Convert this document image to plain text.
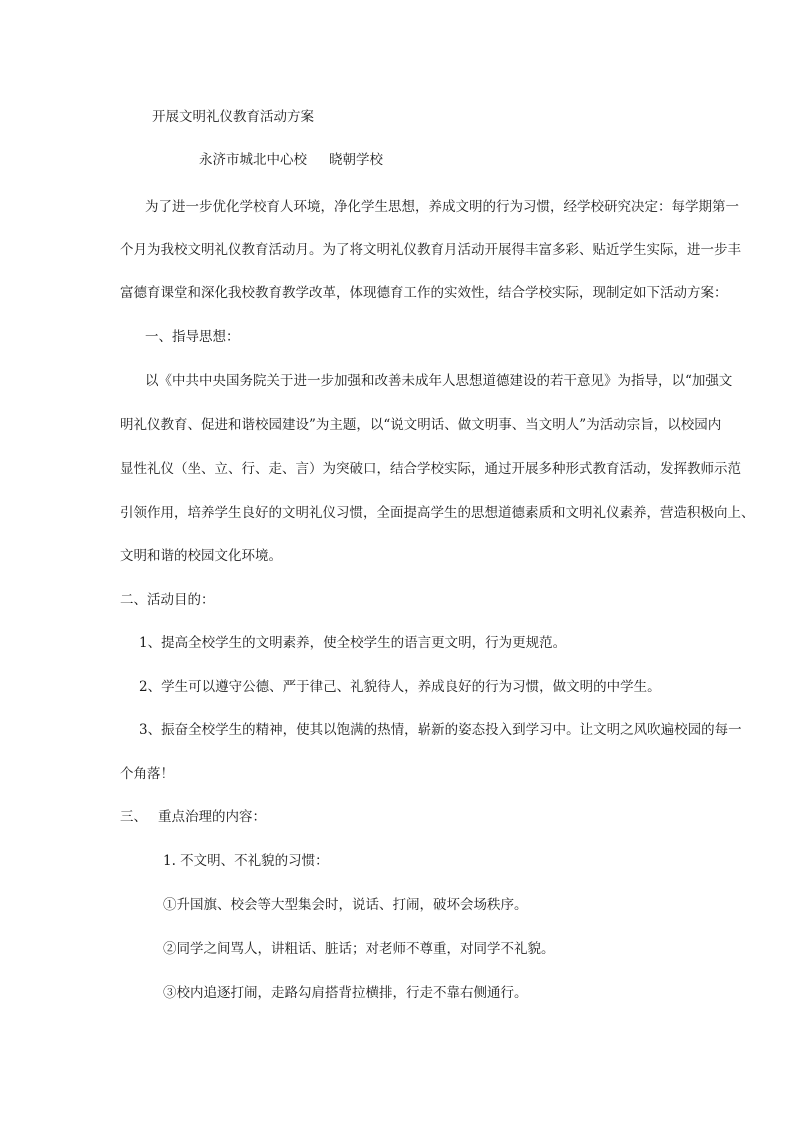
开展文明礼仪教育活动方案
永济市城北中心校 晓朝学校
为了进一步优化学校育人环境，净化学生思想，养成文明的行为习惯，经学校研究决定：每学期第一
个月为我校文明礼仪教育活动月。为了将文明礼仪教育月活动开展得丰富多彩、贴近学生实际，进一步丰
富德育课堂和深化我校教育教学改革，体现德育工作的实效性，结合学校实际，现制定如下活动方案：
一、指导思想：
以《中共中央国务院关于进一步加强和改善未成年人思想道德建设的若干意见》为指导，以“加强文
明礼仪教育、促进和谐校园建设”为主题，以“说文明话、做文明事、当文明人”为活动宗旨，以校园内
显性礼仪（坐、立、行、走、言）为突破口，结合学校实际，通过开展多种形式教育活动，发挥教师示范
引领作用，培养学生良好的文明礼仪习惯，全面提高学生的思想道德素质和文明礼仪素养，营造积极向上、
文明和谐的校园文化环境。
二、活动目的：
1、提高全校学生的文明素养，使全校学生的语言更文明，行为更规范。
2、学生可以遵守公德、严于律己、礼貌待人，养成良好的行为习惯，做文明的中学生。
3、振奋全校学生的精神，使其以饱满的热情，崭新的姿态投入到学习中。让文明之风吹遍校园的每一
个角落！
三、 重点治理的内容：
1. 不文明、不礼貌的习惯：
①升国旗、校会等大型集会时，说话、打闹，破坏会场秩序。
②同学之间骂人，讲粗话、脏话；对老师不尊重，对同学不礼貌。
③校内追逐打闹，走路勾肩搭背拉横排，行走不靠右侧通行。
